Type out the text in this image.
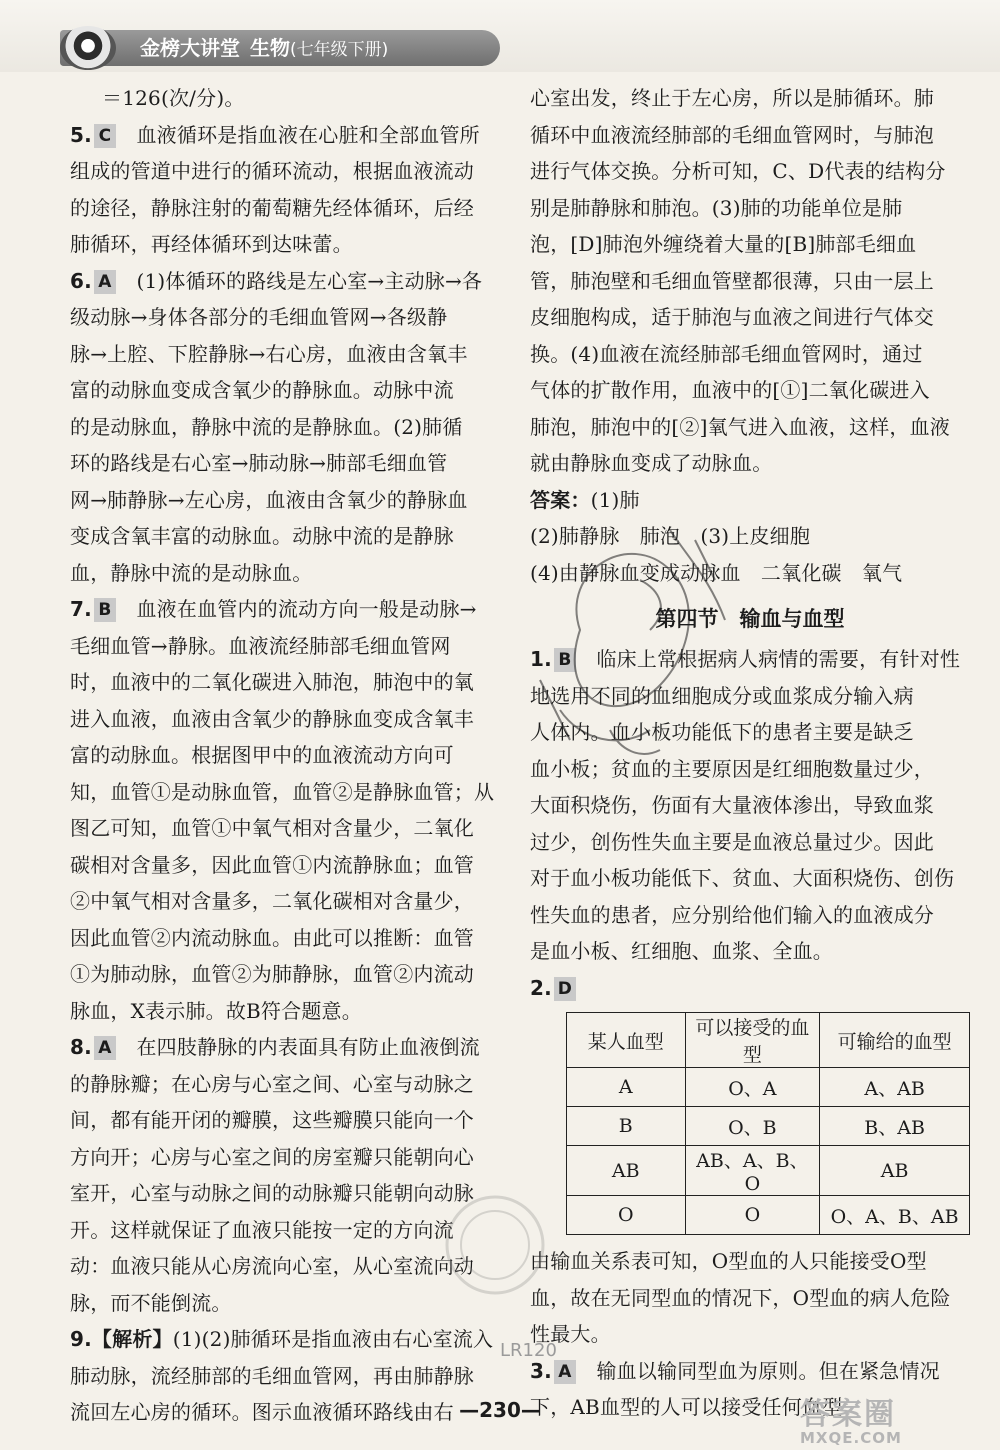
金榜大讲堂 生物(七年级下册)

＝126(次/分)。

5. C 血液循环是指血液在心脏和全部血管所

组成的管道中进行的循环流动，根据血液流动

的途径，静脉注射的葡萄糖先经体循环，后经

肺循环，再经体循环到达味蕾。

6. A (1)体循环的路线是左心室→主动脉→各

级动脉→身体各部分的毛细血管网→各级静

脉→上腔、下腔静脉→右心房，血液由含氧丰

富的动脉血变成含氧少的静脉血。动脉中流

的是动脉血，静脉中流的是静脉血。(2)肺循

环的路线是右心室→肺动脉→肺部毛细血管

网→肺静脉→左心房，血液由含氧少的静脉血

变成含氧丰富的动脉血。动脉中流的是静脉

血，静脉中流的是动脉血。

7. B 血液在血管内的流动方向一般是动脉→

毛细血管→静脉。血液流经肺部毛细血管网

时，血液中的二氧化碳进入肺泡，肺泡中的氧

进入血液，血液由含氧少的静脉血变成含氧丰

富的动脉血。根据图甲中的血液流动方向可

知，血管①是动脉血管，血管②是静脉血管；从

图乙可知，血管①中氧气相对含量少，二氧化

碳相对含量多，因此血管①内流静脉血；血管

②中氧气相对含量多，二氧化碳相对含量少，

因此血管②内流动脉血。由此可以推断：血管

①为肺动脉，血管②为肺静脉，血管②内流动

脉血，X表示肺。故B符合题意。

8. A 在四肢静脉的内表面具有防止血液倒流

的静脉瓣；在心房与心室之间、心室与动脉之

间，都有能开闭的瓣膜，这些瓣膜只能向一个

方向开；心房与心室之间的房室瓣只能朝向心

室开，心室与动脉之间的动脉瓣只能朝向动脉

开。这样就保证了血液只能按一定的方向流

动：血液只能从心房流向心室，从心室流向动

脉，而不能倒流。

9.【解析】(1)(2)肺循环是指血液由右心室流入

肺动脉，流经肺部的毛细血管网，再由肺静脉

流回左心房的循环。图示血液循环路线由右

心室出发，终止于左心房，所以是肺循环。肺

循环中血液流经肺部的毛细血管网时，与肺泡

进行气体交换。分析可知，C、D代表的结构分

别是肺静脉和肺泡。(3)肺的功能单位是肺

泡，[D]肺泡外缠绕着大量的[B]肺部毛细血

管，肺泡壁和毛细血管壁都很薄，只由一层上

皮细胞构成，适于肺泡与血液之间进行气体交

换。(4)血液在流经肺部毛细血管网时，通过

气体的扩散作用，血液中的[①]二氧化碳进入

肺泡，肺泡中的[②]氧气进入血液，这样，血液

就由静脉血变成了动脉血。

答案：(1)肺

(2)肺静脉　肺泡　(3)上皮细胞

(4)由静脉血变成动脉血　二氧化碳　氧气

第四节　输血与血型

1. B 临床上常根据病人病情的需要，有针对性

地选用不同的血细胞成分或血浆成分输入病

人体内。血小板功能低下的患者主要是缺乏

血小板；贫血的主要原因是红细胞数量过少，

大面积烧伤，伤面有大量液体渗出，导致血浆

过少，创伤性失血主要是血液总量过少。因此

对于血小板功能低下、贫血、大面积烧伤、创伤

性失血的患者，应分别给他们输入的血液成分

是血小板、红细胞、血浆、全血。

2. D

某人血型	可以接受的血型	可输给的血型
A	O、A	A、AB
B	O、B	B、AB
AB	AB、A、B、O	AB
O	O	O、A、B、AB

由输血关系表可知，O型血的人只能接受O型

血，故在无同型血的情况下，O型血的病人危险

性最大。

3. A 输血以输同型血为原则。但在紧急情况

下，AB血型的人可以接受任何血型

LR120
—230—	答案圈
MXQE.COM
